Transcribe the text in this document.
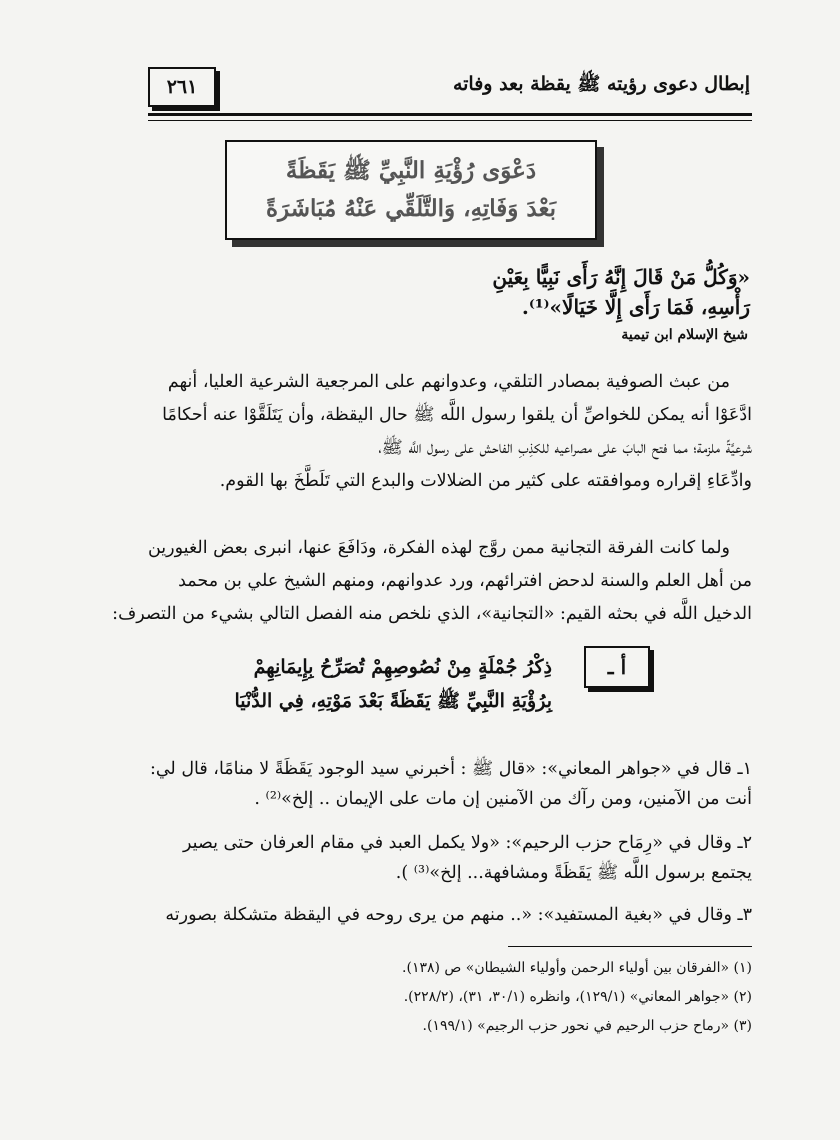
٢٦١	إبطال دعوى رؤيته ﷺ يقظة بعد وفاته
دَعْوَى رُؤْيَةِ النَّبِيِّ ﷺ يَقَظَةً
بَعْدَ وَفَاتِهِ، وَالتَّلَقِّي عَنْهُ مُبَاشَرَةً
«وَكُلُّ مَنْ قَالَ إِنَّهُ رَأَى نَبِيًّا بِعَيْنِ
رَأْسِهِ، فَمَا رَأَى إِلَّا خَيَالًا»⁽¹⁾.
شيخ الإسلام ابن تيمية
من عبث الصوفية بمصادر التلقي، وعدوانهم على المرجعية الشرعية العليا، أنهم
ادَّعَوْا أنه يمكن للخواصِّ أن يلقوا رسول اللَّه ﷺ حال اليقظة، وأن يَتَلَقَّوْا عنه أحكامًا
شرعيَّةً ملزمة؛ مما فتح البابَ على مصراعيه للكذِبِ الفاحش على رسول اللَّه ﷺ،
وادِّعَاءِ إقراره وموافقته على كثير من الضلالات والبدع التي تَلَطَّخَ بها القوم.
ولما كانت الفرقة التجانية ممن روَّج لهذه الفكرة، ودَافَعَ عنها، انبرى بعض الغيورين
من أهل العلم والسنة لدحض افترائهم، ورد عدوانهم، ومنهم الشيخ علي بن محمد
الدخيل اللَّه في بحثه القيم: «التجانية»، الذي نلخص منه الفصل التالي بشيء من التصرف:
أ ـ
ذِكْرُ جُمْلَةٍ مِنْ نُصُوصِهِمْ تُصَرِّحُ بِإِيمَانِهِمْ
بِرُؤْيَةِ النَّبِيِّ ﷺ يَقَظَةً بَعْدَ مَوْتِهِ، فِي الدُّنْيَا
١ـ قال في «جواهر المعاني»: «قال ﷺ : أخبرني سيد الوجود يَقَظَةً لا منامًا، قال لي:
أنت من الآمنين، ومن رآك من الآمنين إن مات على الإيمان .. إلخ»⁽²⁾ .
٢ـ وقال في «رِمَاح حزب الرحيم»: «ولا يكمل العبد في مقام العرفان حتى يصير
يجتمع برسول اللَّه ﷺ يَقَظَةً ومشافهة... إلخ»⁽³⁾ ).
٣ـ وقال في «بغية المستفيد»: «.. منهم من يرى روحه في اليقظة متشكلة بصورته
(١) «الفرقان بين أولياء الرحمن وأولياء الشيطان» ص (١٣٨).
(٢) «جواهر المعاني» (١٢٩/١)، وانظره (٣٠/١، ٣١)، (٢٢٨/٢).
(٣) «رماح حزب الرحيم في نحور حزب الرجيم» (١٩٩/١).
